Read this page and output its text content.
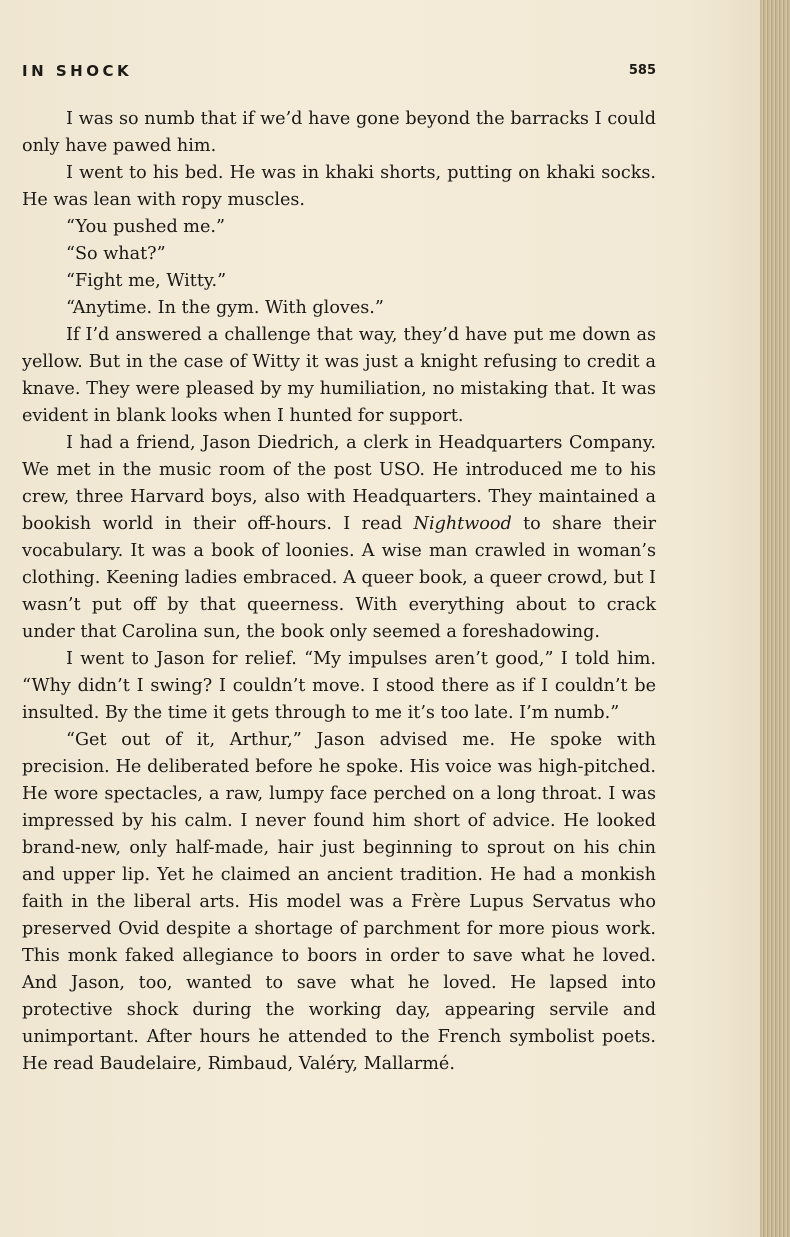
IN SHOCK	585

I was so numb that if we’d have gone beyond the barracks I could only have pawed him.

I went to his bed. He was in khaki shorts, putting on khaki socks. He was lean with ropy muscles.

“You pushed me.”

“So what?”

“Fight me, Witty.”

“Anytime. In the gym. With gloves.”

If I’d answered a challenge that way, they’d have put me down as yellow. But in the case of Witty it was just a knight refusing to credit a knave. They were pleased by my humiliation, no mistaking that. It was evident in blank looks when I hunted for support.

I had a friend, Jason Diedrich, a clerk in Headquarters Company. We met in the music room of the post USO. He introduced me to his crew, three Harvard boys, also with Headquarters. They maintained a bookish world in their off-hours. I read Nightwood to share their vocabulary. It was a book of loonies. A wise man crawled in woman’s clothing. Keening ladies embraced. A queer book, a queer crowd, but I wasn’t put off by that queerness. With everything about to crack under that Carolina sun, the book only seemed a foreshadowing.

I went to Jason for relief. “My impulses aren’t good,” I told him. “Why didn’t I swing? I couldn’t move. I stood there as if I couldn’t be insulted. By the time it gets through to me it’s too late. I’m numb.”

“Get out of it, Arthur,” Jason advised me. He spoke with precision. He deliberated before he spoke. His voice was high-pitched. He wore spectacles, a raw, lumpy face perched on a long throat. I was impressed by his calm. I never found him short of advice. He looked brand-new, only half-made, hair just beginning to sprout on his chin and upper lip. Yet he claimed an ancient tradition. He had a monkish faith in the liberal arts. His model was a Frère Lupus Servatus who preserved Ovid despite a shortage of parchment for more pious work. This monk faked allegiance to boors in order to save what he loved. And Jason, too, wanted to save what he loved. He lapsed into protective shock during the working day, appearing servile and unimportant. After hours he attended to the French symbolist poets. He read Baudelaire, Rimbaud, Valéry, Mallarmé.
